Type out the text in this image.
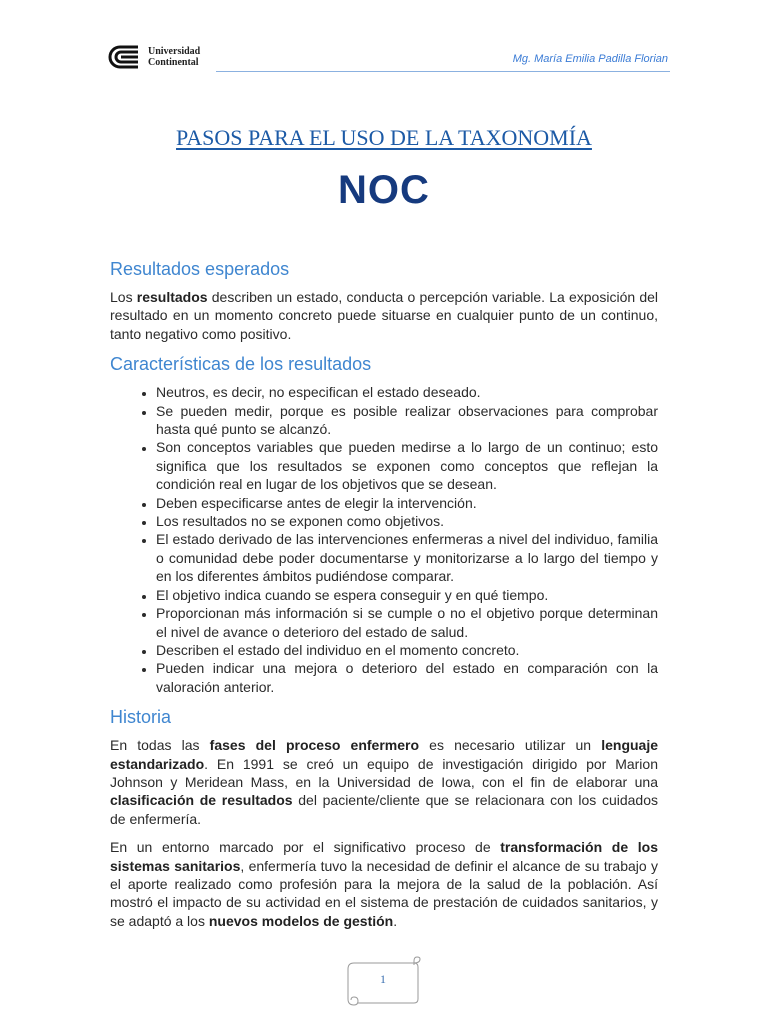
Universidad
Continental	Mg. María Emilia Padilla Florian
PASOS PARA EL USO DE LA TAXONOMÍA
NOC
Resultados esperados

Los resultados describen un estado, conducta o percepción variable. La exposición del resultado en un momento concreto puede situarse en cualquier punto de un continuo, tanto negativo como positivo.

Características de los resultados
• Neutros, es decir, no especifican el estado deseado.
• Se pueden medir, porque es posible realizar observaciones para comprobar hasta qué punto se alcanzó.
• Son conceptos variables que pueden medirse a lo largo de un continuo; esto significa que los resultados se exponen como conceptos que reflejan la condición real en lugar de los objetivos que se desean.
• Deben especificarse antes de elegir la intervención.
• Los resultados no se exponen como objetivos.
• El estado derivado de las intervenciones enfermeras a nivel del individuo, familia o comunidad debe poder documentarse y monitorizarse a lo largo del tiempo y en los diferentes ámbitos pudiéndose comparar.
• El objetivo indica cuando se espera conseguir y en qué tiempo.
• Proporcionan más información si se cumple o no el objetivo porque determinan el nivel de avance o deterioro del estado de salud.
• Describen el estado del individuo en el momento concreto.
• Pueden indicar una mejora o deterioro del estado en comparación con la valoración anterior.
Historia

En todas las fases del proceso enfermero es necesario utilizar un lenguaje estandarizado. En 1991 se creó un equipo de investigación dirigido por Marion Johnson y Meridean Mass, en la Universidad de Iowa, con el fin de elaborar una clasificación de resultados del paciente/cliente que se relacionara con los cuidados de enfermería.

En un entorno marcado por el significativo proceso de transformación de los sistemas sanitarios, enfermería tuvo la necesidad de definir el alcance de su trabajo y el aporte realizado como profesión para la mejora de la salud de la población. Así mostró el impacto de su actividad en el sistema de prestación de cuidados sanitarios, y se adaptó a los nuevos modelos de gestión.

1
